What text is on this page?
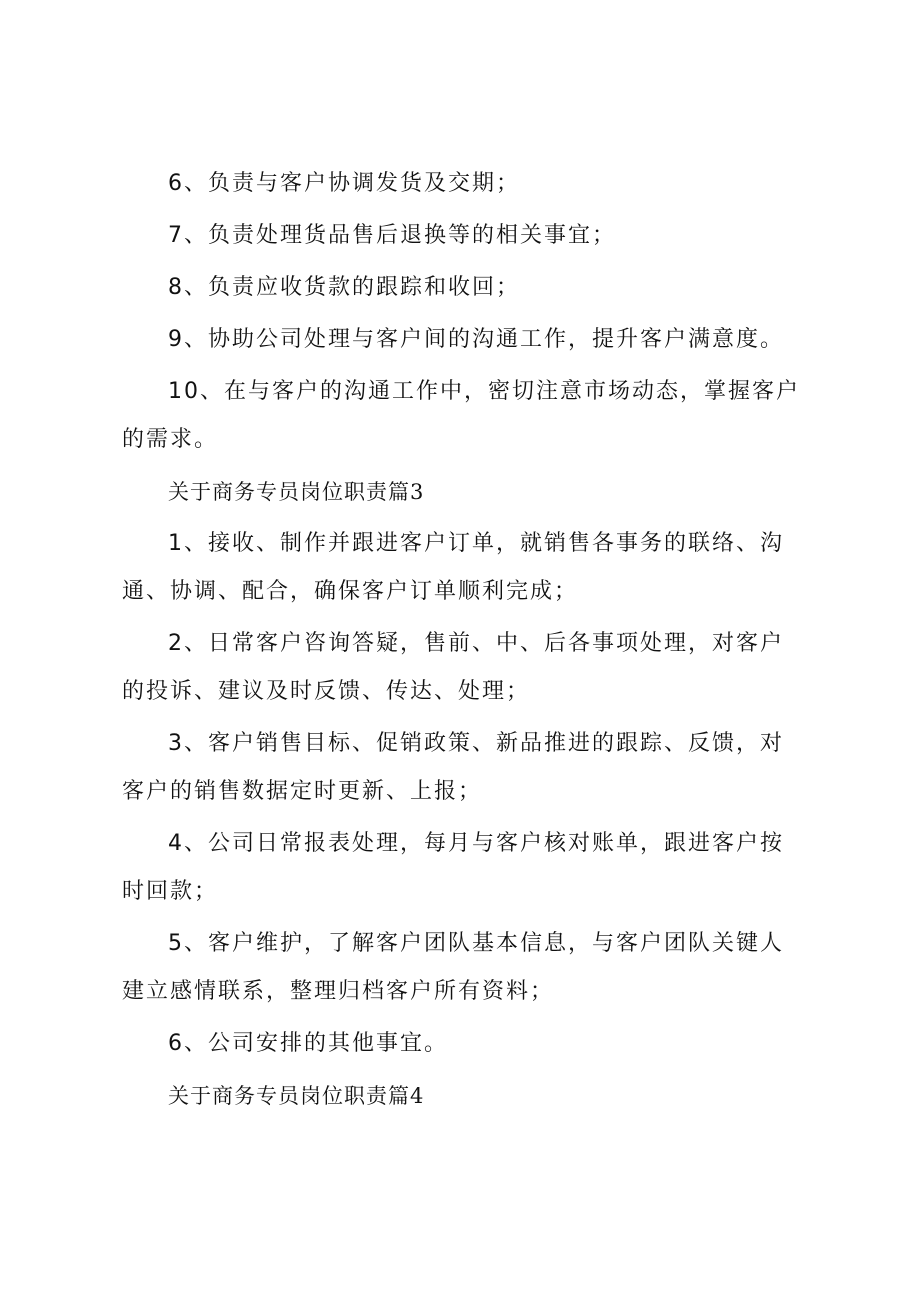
6、负责与客户协调发货及交期；

7、负责处理货品售后退换等的相关事宜；

8、负责应收货款的跟踪和收回；

9、协助公司处理与客户间的沟通工作，提升客户满意度。

10、在与客户的沟通工作中，密切注意市场动态，掌握客户的需求。

关于商务专员岗位职责篇3

1、接收、制作并跟进客户订单，就销售各事务的联络、沟通、协调、配合，确保客户订单顺利完成；

2、日常客户咨询答疑，售前、中、后各事项处理，对客户的投诉、建议及时反馈、传达、处理；

3、客户销售目标、促销政策、新品推进的跟踪、反馈，对客户的销售数据定时更新、上报；

4、公司日常报表处理，每月与客户核对账单，跟进客户按时回款；

5、客户维护，了解客户团队基本信息，与客户团队关键人建立感情联系，整理归档客户所有资料；

6、公司安排的其他事宜。

关于商务专员岗位职责篇4
